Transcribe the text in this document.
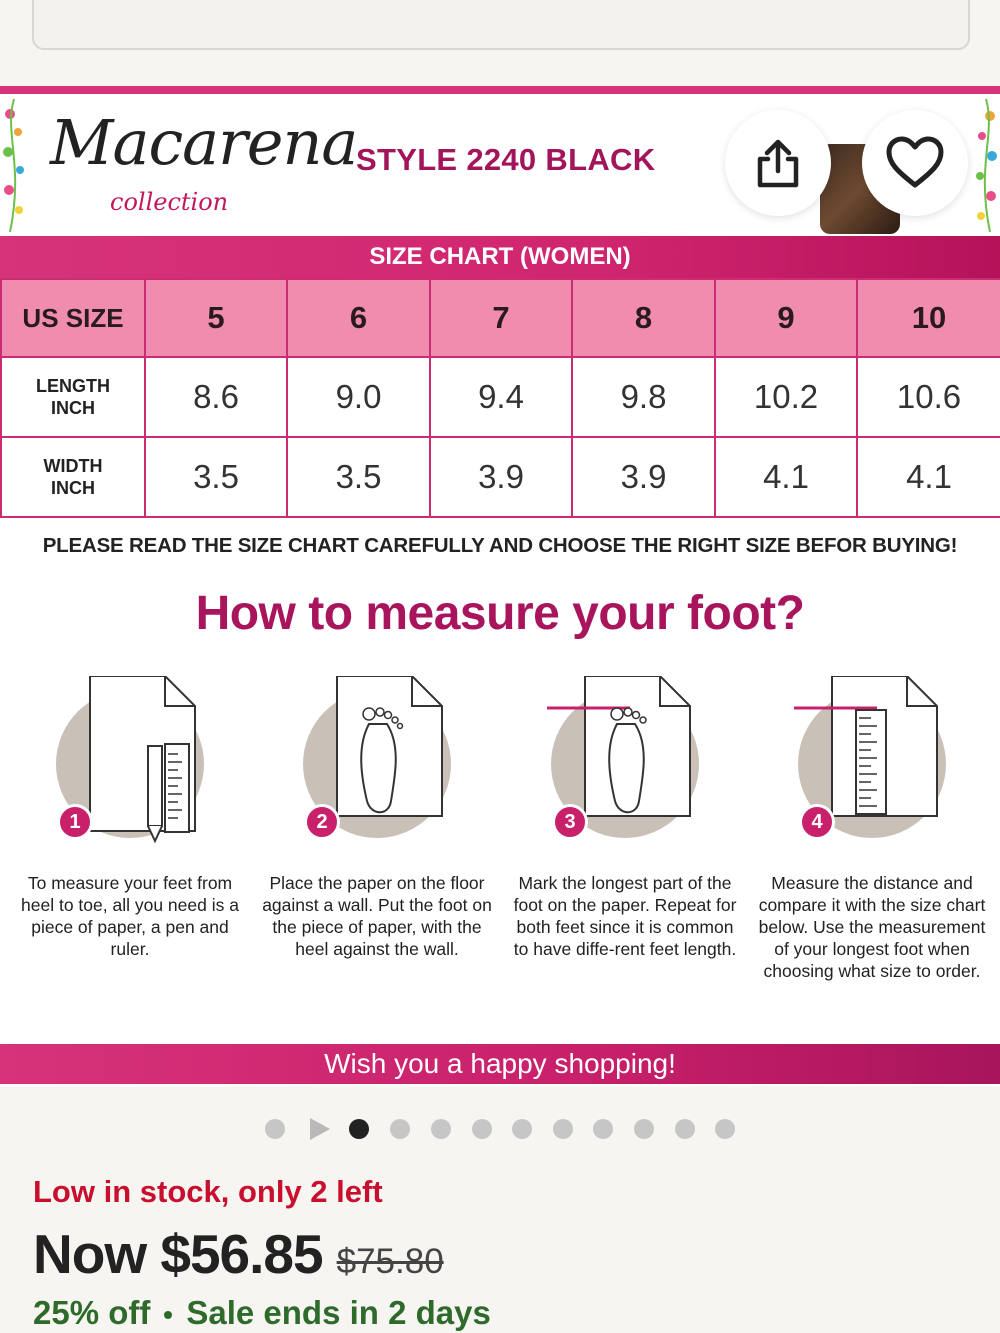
Macarena
collection
STYLE 2240 BLACK
SIZE CHART (WOMEN)
US SIZE	5	6	7	8	9	10
LENGTH
INCH	8.6	9.0	9.4	9.8	10.2	10.6
WIDTH
INCH	3.5	3.5	3.9	3.9	4.1	4.1
PLEASE READ THE SIZE CHART CAREFULLY AND CHOOSE THE RIGHT SIZE BEFOR BUYING!
How to measure your foot?
1
To measure your feet from heel to toe, all you need is a piece of paper, a pen and ruler.
2
Place the paper on the floor against a wall. Put the foot on the piece of paper, with the heel against the wall.
3
Mark the longest part of the foot on the paper. Repeat for both feet since it is common to have diffe-rent feet length.
4
Measure the distance and compare it with the size chart below. Use the measurement of your longest foot when choosing what size to order.
Wish you a happy shopping!
Low in stock, only 2 left
Now $56.85 $75.80
25% off Sale ends in 2 days
